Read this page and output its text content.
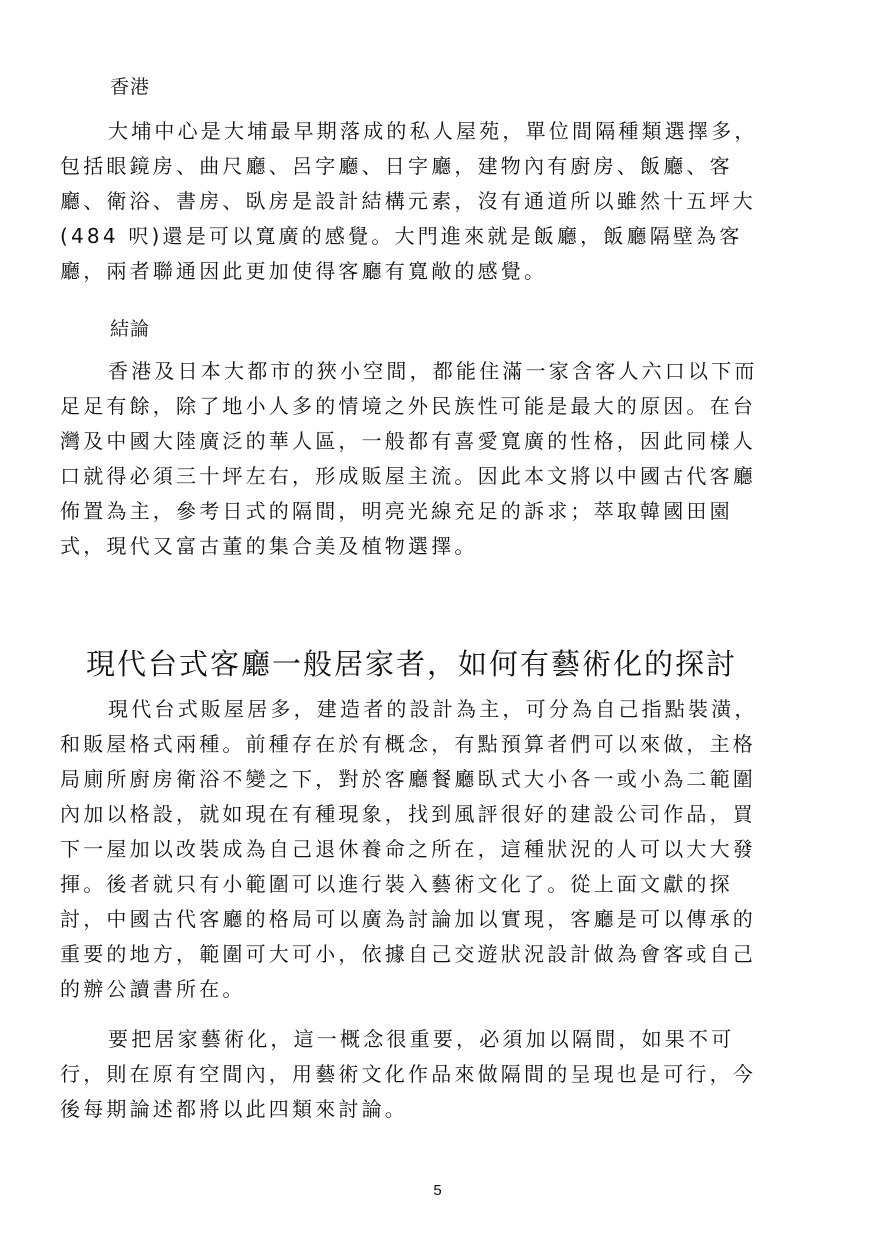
香港
大埔中心是大埔最早期落成的私人屋苑，單位間隔種類選擇多，
包括眼鏡房、曲尺廳、呂字廳、日字廳，建物內有廚房、飯廳、客
廳、衛浴、書房、臥房是設計結構元素，沒有通道所以雖然十五坪大
(484 呎)還是可以寬廣的感覺。大門進來就是飯廳，飯廳隔壁為客
廳，兩者聯通因此更加使得客廳有寬敞的感覺。
結論
香港及日本大都市的狹小空間，都能住滿一家含客人六口以下而
足足有餘，除了地小人多的情境之外民族性可能是最大的原因。在台
灣及中國大陸廣泛的華人區，一般都有喜愛寬廣的性格，因此同樣人
口就得必須三十坪左右，形成販屋主流。因此本文將以中國古代客廳
佈置為主，參考日式的隔間，明亮光線充足的訴求；萃取韓國田園
式，現代又富古董的集合美及植物選擇。
現代台式客廳一般居家者，如何有藝術化的探討
現代台式販屋居多，建造者的設計為主，可分為自己指點裝潢，
和販屋格式兩種。前種存在於有概念，有點預算者們可以來做，主格
局廁所廚房衛浴不變之下，對於客廳餐廳臥式大小各一或小為二範圍
內加以格設，就如現在有種現象，找到風評很好的建設公司作品，買
下一屋加以改裝成為自己退休養命之所在，這種狀況的人可以大大發
揮。後者就只有小範圍可以進行裝入藝術文化了。從上面文獻的探
討，中國古代客廳的格局可以廣為討論加以實現，客廳是可以傳承的
重要的地方，範圍可大可小，依據自己交遊狀況設計做為會客或自己
的辦公讀書所在。
要把居家藝術化，這一概念很重要，必須加以隔間，如果不可
行，則在原有空間內，用藝術文化作品來做隔間的呈現也是可行，今
後每期論述都將以此四類來討論。
5
